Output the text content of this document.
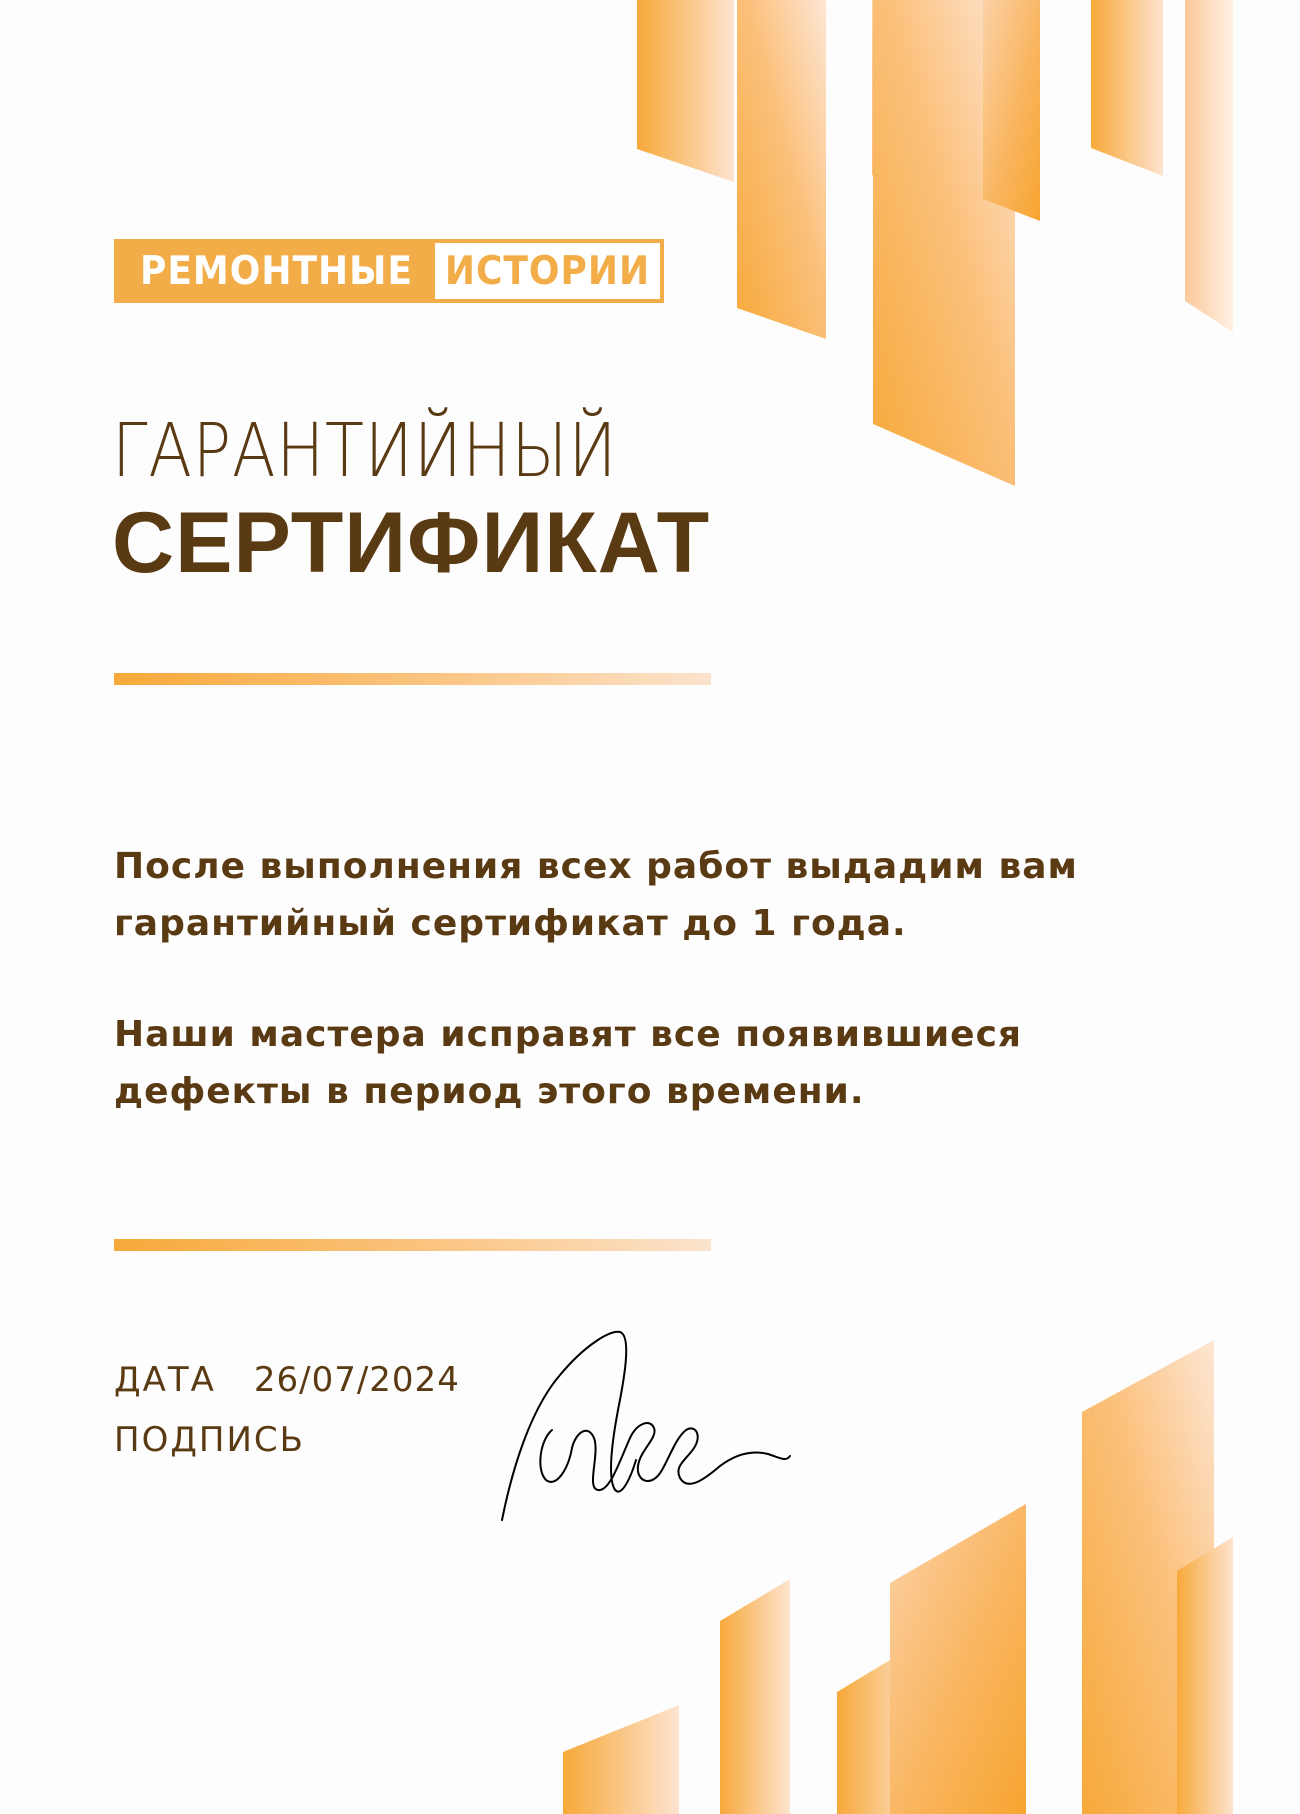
РЕМОНТНЫЕ ИСТОРИИ
ГАРАНТИЙНЫЙ
СЕРТИФИКАТ
После выполнения всех работ выдадим вам
гарантийный сертификат до 1 года.
Наши мастера исправят все появившиеся
дефекты в период этого времени.
ДАТА 26/07/2024
ПОДПИСЬ
